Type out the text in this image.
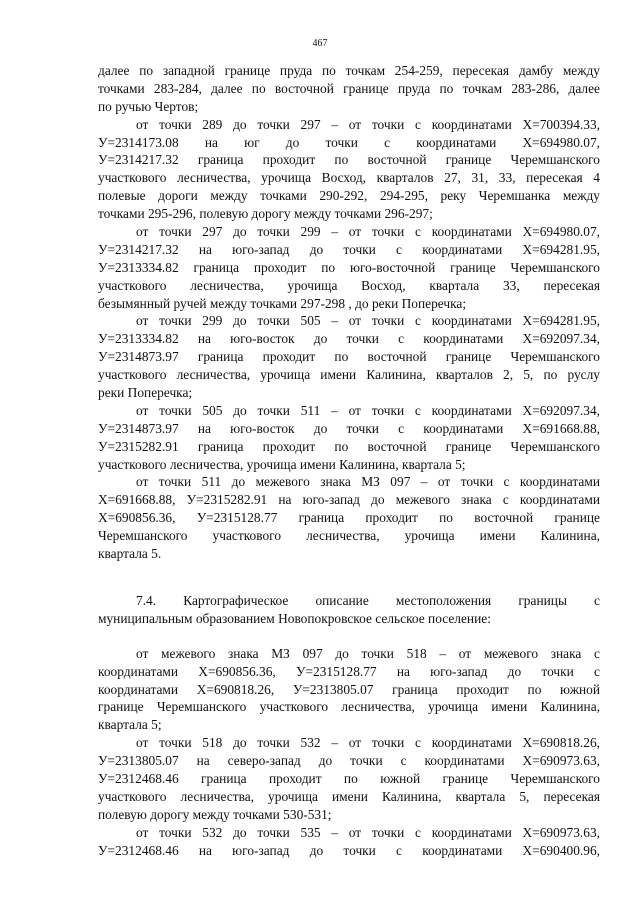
467
далее по западной границе пруда по точкам 254-259, пересекая дамбу между
точками 283-284, далее по восточной границе пруда по точкам 283-286, далее
по ручью Чертов;
от точки 289 до точки 297 – от точки с координатами Х=700394.33,
У=2314173.08 на юг до точки с координатами Х=694980.07,
У=2314217.32 граница проходит по восточной границе Черемшанского
участкового лесничества, урочища Восход, кварталов 27, 31, 33, пересекая 4
полевые дороги между точками 290-292, 294-295, реку Черемшанка между
точками 295-296, полевую дорогу между точками 296-297;
от точки 297 до точки 299 – от точки с координатами Х=694980.07,
У=2314217.32 на юго-запад до точки с координатами Х=694281.95,
У=2313334.82 граница проходит по юго-восточной границе Черемшанского
участкового лесничества, урочища Восход, квартала 33, пересекая
безымянный ручей между точками 297-298 , до реки Поперечка;
от точки 299 до точки 505 – от точки с координатами Х=694281.95,
У=2313334.82 на юго-восток до точки с координатами Х=692097.34,
У=2314873.97 граница проходит по восточной границе Черемшанского
участкового лесничества, урочища имени Калинина, кварталов 2, 5, по руслу
реки Поперечка;
от точки 505 до точки 511 – от точки с координатами Х=692097.34,
У=2314873.97 на юго-восток до точки с координатами Х=691668.88,
У=2315282.91 граница проходит по восточной границе Черемшанского
участкового лесничества, урочища имени Калинина, квартала 5;
от точки 511 до межевого знака МЗ 097 – от точки с координатами
Х=691668.88, У=2315282.91 на юго-запад до межевого знака с координатами
Х=690856.36, У=2315128.77 граница проходит по восточной границе
Черемшанского участкового лесничества, урочища имени Калинина,
квартала 5.
7.4. Картографическое описание местоположения границы с
муниципальным образованием Новопокровское сельское поселение:
от межевого знака МЗ 097 до точки 518 – от межевого знака с
координатами Х=690856.36, У=2315128.77 на юго-запад до точки с
координатами Х=690818.26, У=2313805.07 граница проходит по южной
границе Черемшанского участкового лесничества, урочища имени Калинина,
квартала 5;
от точки 518 до точки 532 – от точки с координатами Х=690818.26,
У=2313805.07 на северо-запад до точки с координатами Х=690973.63,
У=2312468.46 граница проходит по южной границе Черемшанского
участкового лесничества, урочища имени Калинина, квартала 5, пересекая
полевую дорогу между точками 530-531;
от точки 532 до точки 535 – от точки с координатами Х=690973.63,
У=2312468.46 на юго-запад до точки с координатами Х=690400.96,
